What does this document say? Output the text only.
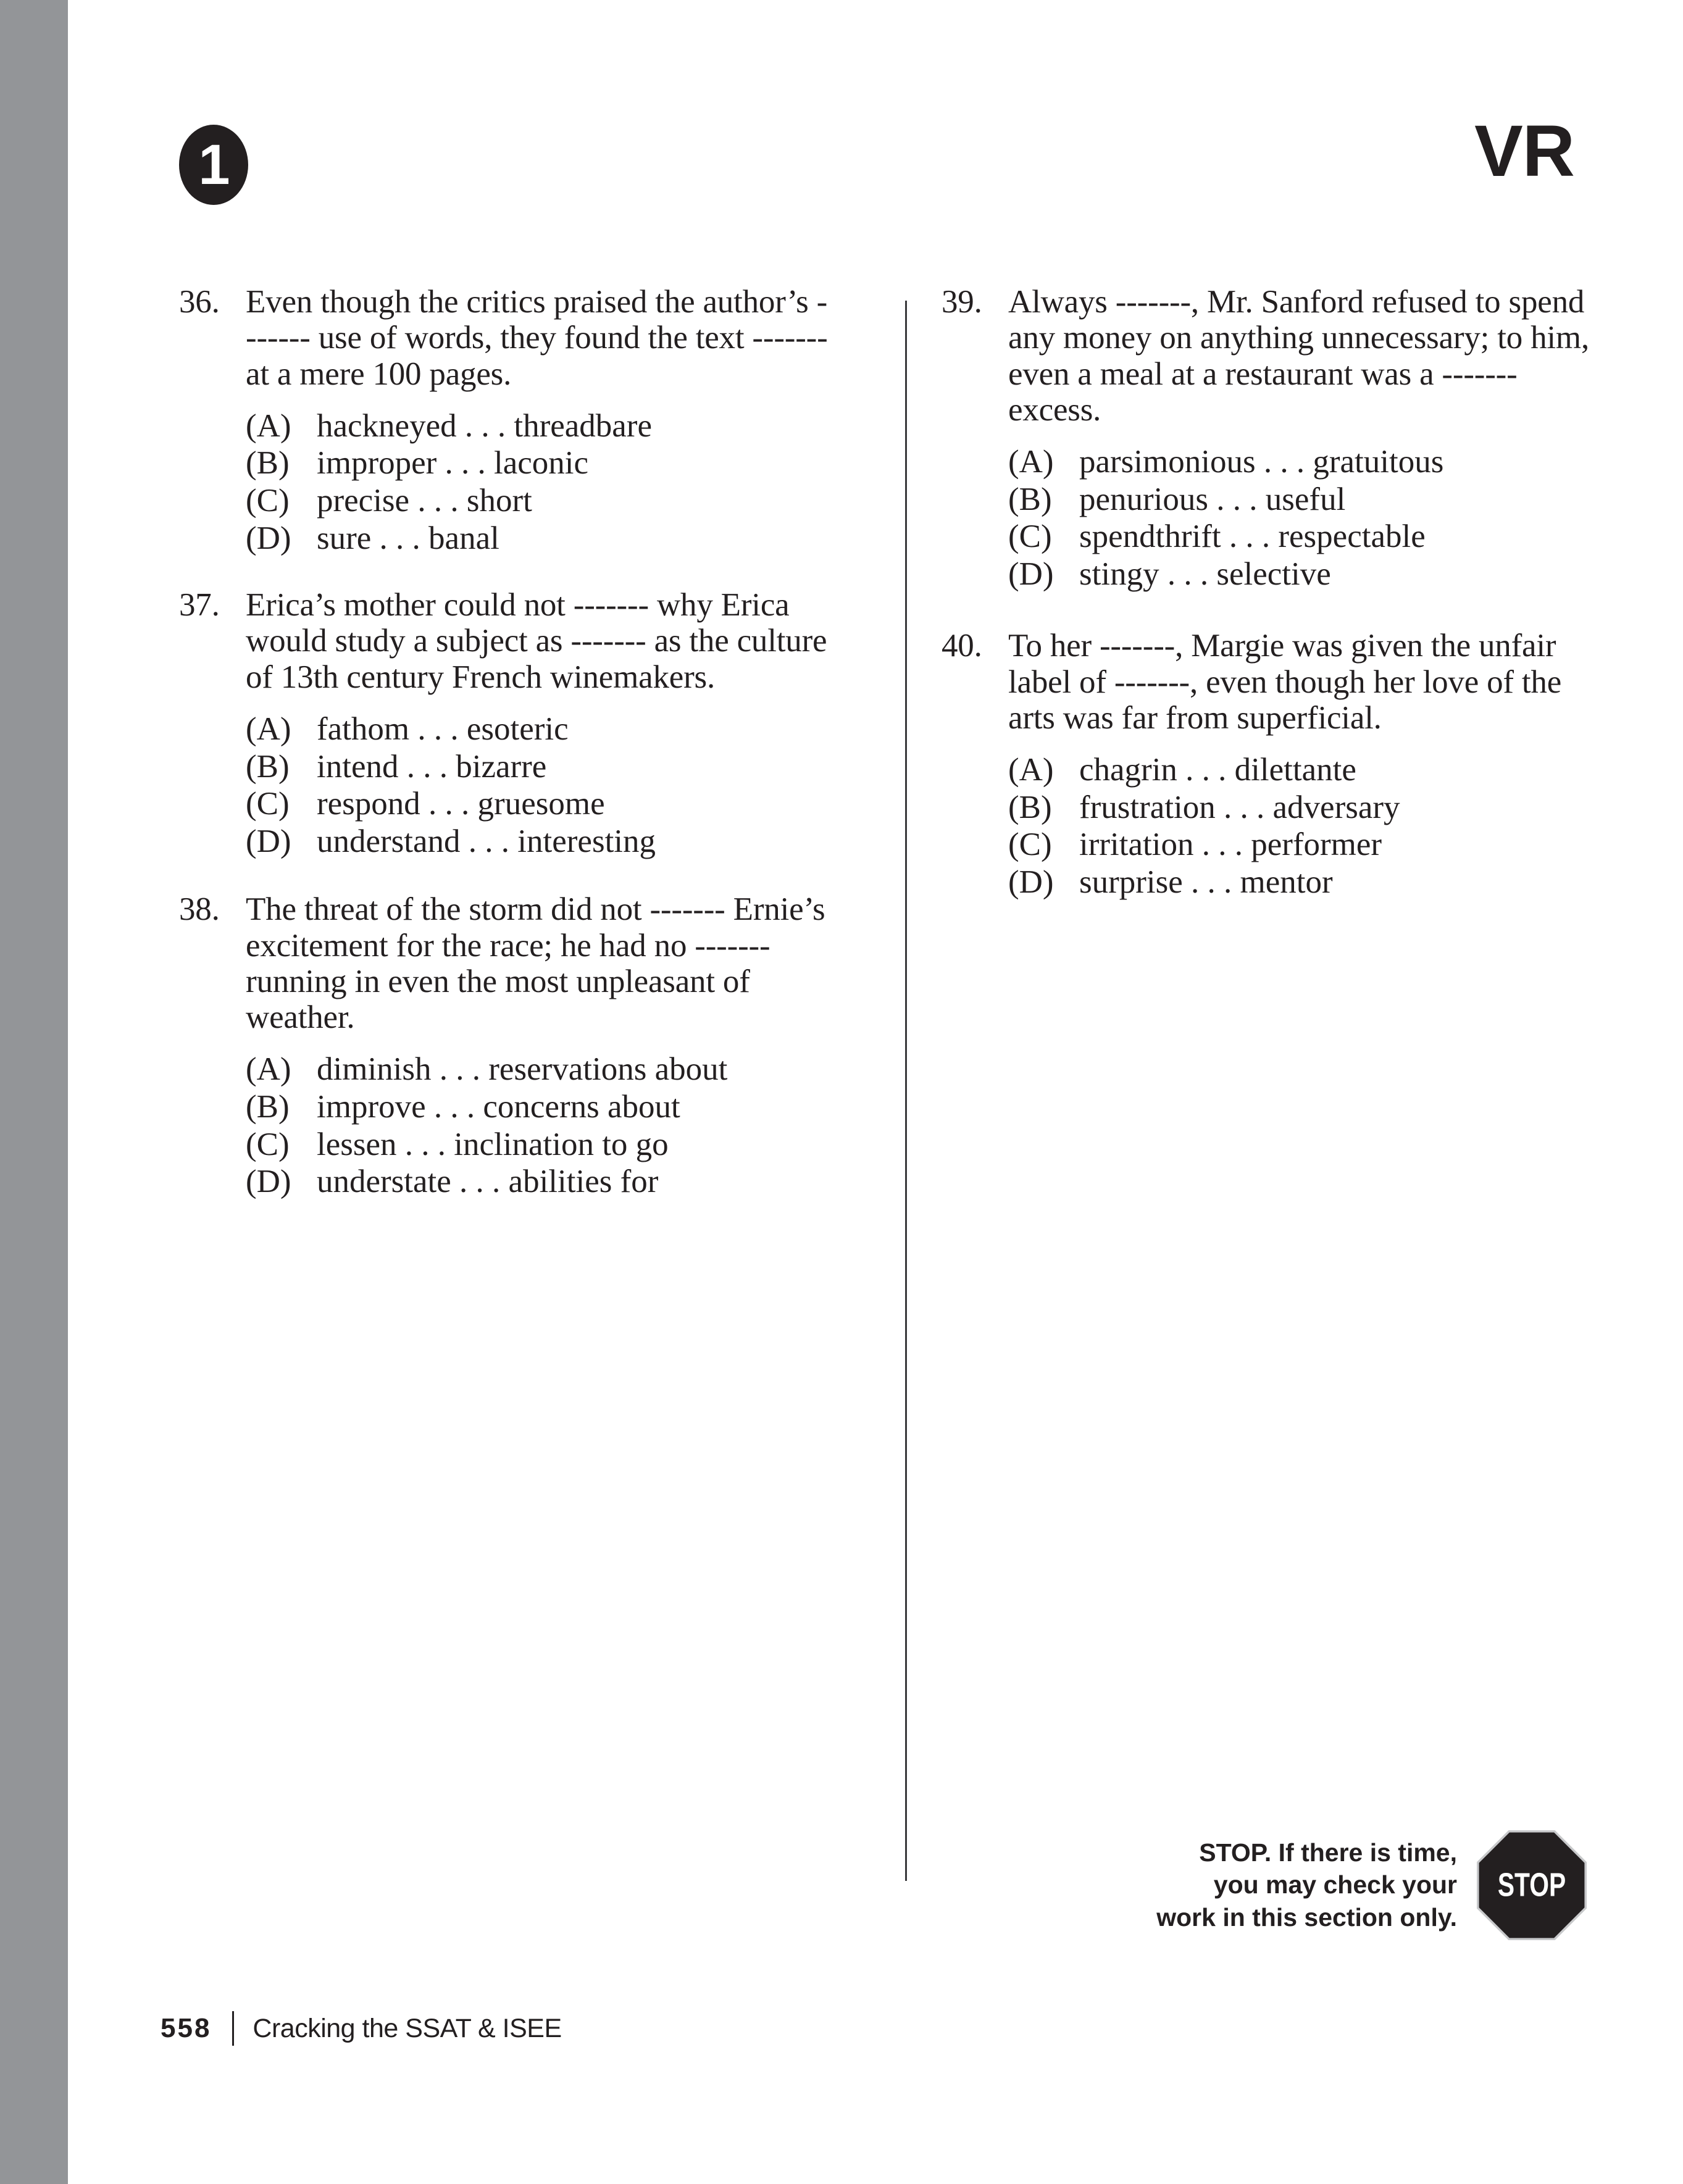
1	VR
36. Even though the critics praised the author’s ------- use of words, they found the text ------- at a mere 100 pages.
(A) hackneyed . . . threadbare
(B) improper . . . laconic
(C) precise . . . short
(D) sure . . . banal
37. Erica’s mother could not ------- why Erica would study a subject as ------- as the culture of 13th century French winemakers.
(A) fathom . . . esoteric
(B) intend . . . bizarre
(C) respond . . . gruesome
(D) understand . . . interesting
38. The threat of the storm did not ------- Ernie’s excitement for the race; he had no ------- running in even the most unpleasant of weather.
(A) diminish . . . reservations about
(B) improve . . . concerns about
(C) lessen . . . inclination to go
(D) understate . . . abilities for
39. Always -------, Mr. Sanford refused to spend any money on anything unnecessary; to him, even a meal at a restaurant was a ------- excess.
(A) parsimonious . . . gratuitous
(B) penurious . . . useful
(C) spendthrift . . . respectable
(D) stingy . . . selective
40. To her -------, Margie was given the unfair label of -------, even though her love of the arts was far from superficial.
(A) chagrin . . . dilettante
(B) frustration . . . adversary
(C) irritation . . . performer
(D) surprise . . . mentor
STOP. If there is time,
you may check your
work in this section only.
STOP
558 Cracking the SSAT & ISEE
